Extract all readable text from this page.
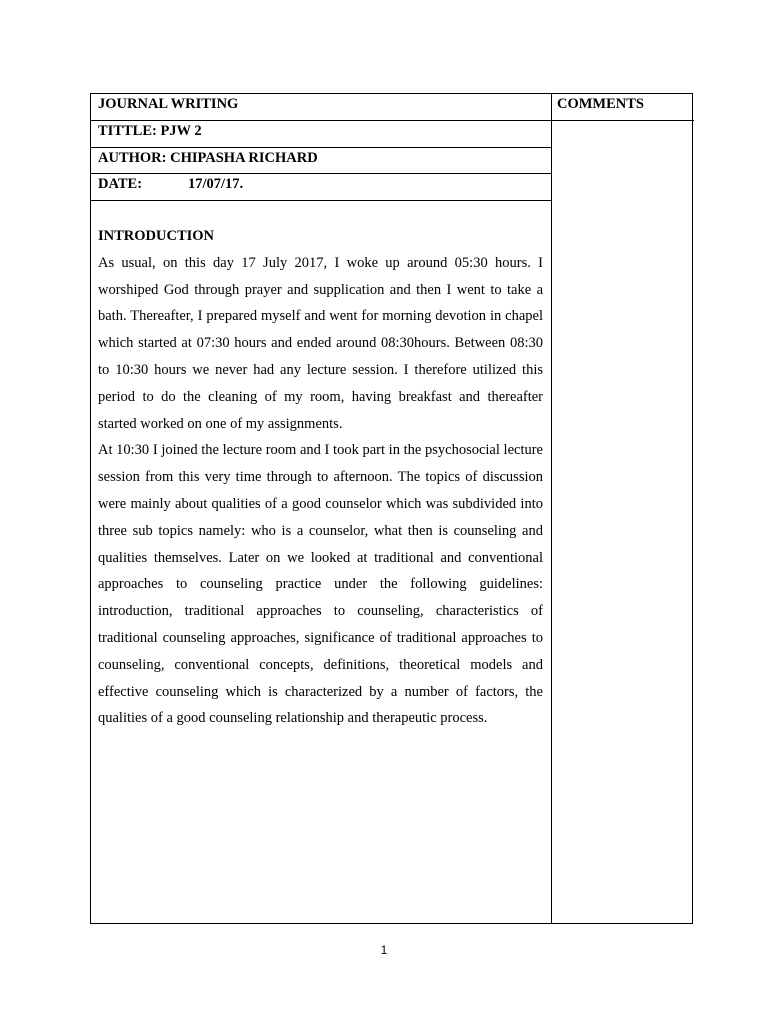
JOURNAL WRITING	COMMENTS
TITTLE: PJW 2
AUTHOR: CHIPASHA RICHARD
DATE:	17/07/17.
INTRODUCTION

As usual, on this day 17 July 2017, I woke up around 05:30 hours. I worshiped God through prayer and supplication and then I went to take a bath. Thereafter, I prepared myself and went for morning devotion in chapel which started at 07:30 hours and ended around 08:30hours. Between 08:30 to 10:30 hours we never had any lecture session. I therefore utilized this period to do the cleaning of my room, having breakfast and thereafter started worked on one of my assignments.

At 10:30 I joined the lecture room and I took part in the psychosocial lecture session from this very time through to afternoon. The topics of discussion were mainly about qualities of a good counselor which was subdivided into three sub topics namely: who is a counselor, what then is counseling and qualities themselves. Later on we looked at traditional and conventional approaches to counseling practice under the following guidelines: introduction, traditional approaches to counseling, characteristics of traditional counseling approaches, significance of traditional approaches to counseling, conventional concepts, definitions, theoretical models and effective counseling which is characterized by a number of factors, the qualities of a good counseling relationship and therapeutic process.

1
